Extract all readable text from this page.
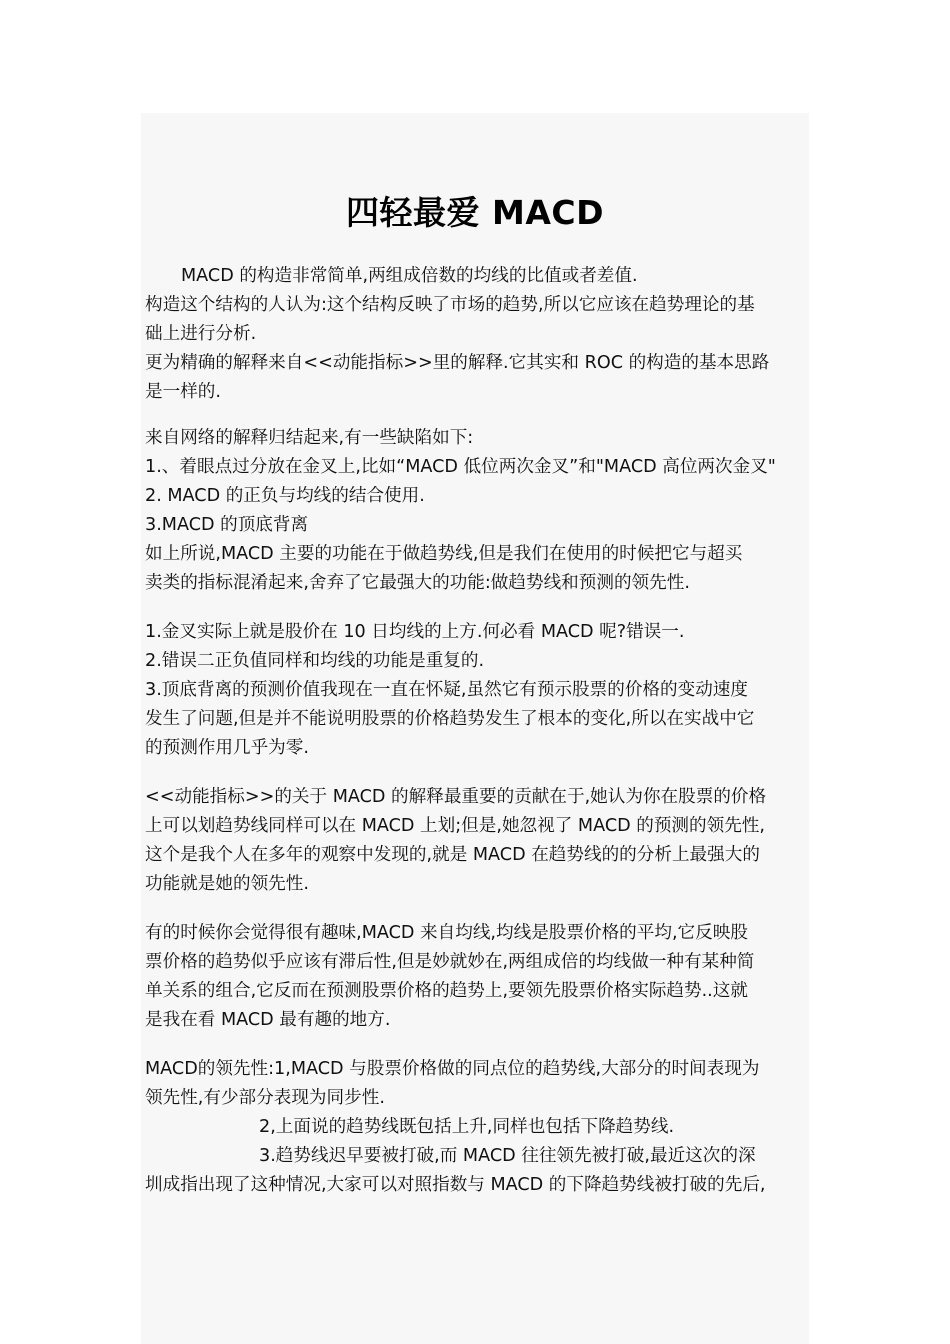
四轻最爱 MACD
MACD 的构造非常简单,两组成倍数的均线的比值或者差值.
构造这个结构的人认为:这个结构反映了市场的趋势,所以它应该在趋势理论的基
础上进行分析.
更为精确的解释来自<<动能指标>>里的解释.它其实和 ROC 的构造的基本思路
是一样的.
来自网络的解释归结起来,有一些缺陷如下:
1.、着眼点过分放在金叉上,比如“MACD 低位两次金叉”和"MACD 高位两次金叉"
2. MACD 的正负与均线的结合使用.
3.MACD 的顶底背离
如上所说,MACD 主要的功能在于做趋势线,但是我们在使用的时候把它与超买
卖类的指标混淆起来,舍弃了它最强大的功能:做趋势线和预测的领先性.
1.金叉实际上就是股价在 10 日均线的上方.何必看 MACD 呢?错误一.
2.错误二正负值同样和均线的功能是重复的.
3.顶底背离的预测价值我现在一直在怀疑,虽然它有预示股票的价格的变动速度
发生了问题,但是并不能说明股票的价格趋势发生了根本的变化,所以在实战中它
的预测作用几乎为零.
<<动能指标>>的关于 MACD 的解释最重要的贡献在于,她认为你在股票的价格
上可以划趋势线同样可以在 MACD 上划;但是,她忽视了 MACD 的预测的领先性,
这个是我个人在多年的观察中发现的,就是 MACD 在趋势线的的分析上最强大的
功能就是她的领先性.
有的时候你会觉得很有趣味,MACD 来自均线,均线是股票价格的平均,它反映股
票价格的趋势似乎应该有滞后性,但是妙就妙在,两组成倍的均线做一种有某种简
单关系的组合,它反而在预测股票价格的趋势上,要领先股票价格实际趋势..这就
是我在看 MACD 最有趣的地方.
MACD的领先性:1,MACD 与股票价格做的同点位的趋势线,大部分的时间表现为
领先性,有少部分表现为同步性.
2,上面说的趋势线既包括上升,同样也包括下降趋势线.
3.趋势线迟早要被打破,而 MACD 往往领先被打破,最近这次的深
圳成指出现了这种情况,大家可以对照指数与 MACD 的下降趋势线被打破的先后,
